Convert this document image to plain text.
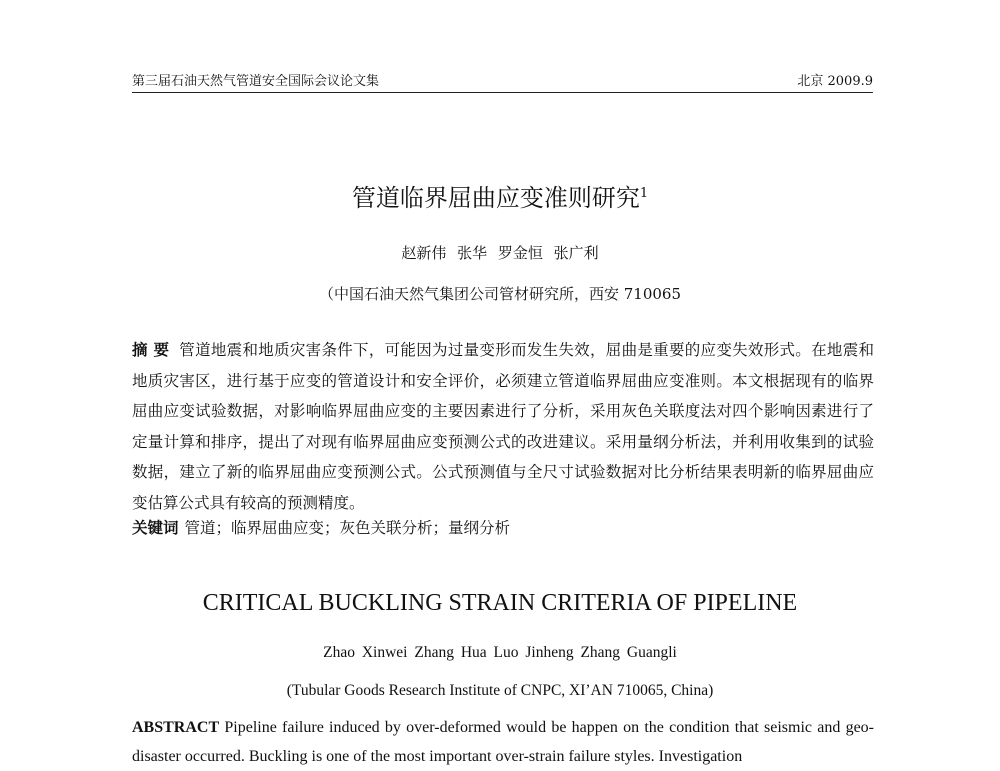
第三届石油天然气管道安全国际会议论文集	北京 2009.9
管道临界屈曲应变准则研究$^1$
赵新伟 张华 罗金恒 张广利
（中国石油天然气集团公司管材研究所，西安 710065
摘 要 管道地震和地质灾害条件下，可能因为过量变形而发生失效，屈曲是重要的应变失效形式。在地震和地质灾害区，进行基于应变的管道设计和安全评价，必须建立管道临界屈曲应变准则。本文根据现有的临界屈曲应变试验数据，对影响临界屈曲应变的主要因素进行了分析，采用灰色关联度法对四个影响因素进行了定量计算和排序，提出了对现有临界屈曲应变预测公式的改进建议。采用量纲分析法，并利用收集到的试验数据，建立了新的临界屈曲应变预测公式。公式预测值与全尺寸试验数据对比分析结果表明新的临界屈曲应变估算公式具有较高的预测精度。
关键词 管道；临界屈曲应变；灰色关联分析；量纲分析
CRITICAL BUCKLING STRAIN CRITERIA OF PIPELINE
Zhao Xinwei Zhang Hua Luo Jinheng Zhang Guangli
(Tubular Goods Research Institute of CNPC, XI’AN 710065, China)
ABSTRACT Pipeline failure induced by over-deformed would be happen on the condition that seismic and geo-disaster occurred. Buckling is one of the most important over-strain failure styles. Investigation
